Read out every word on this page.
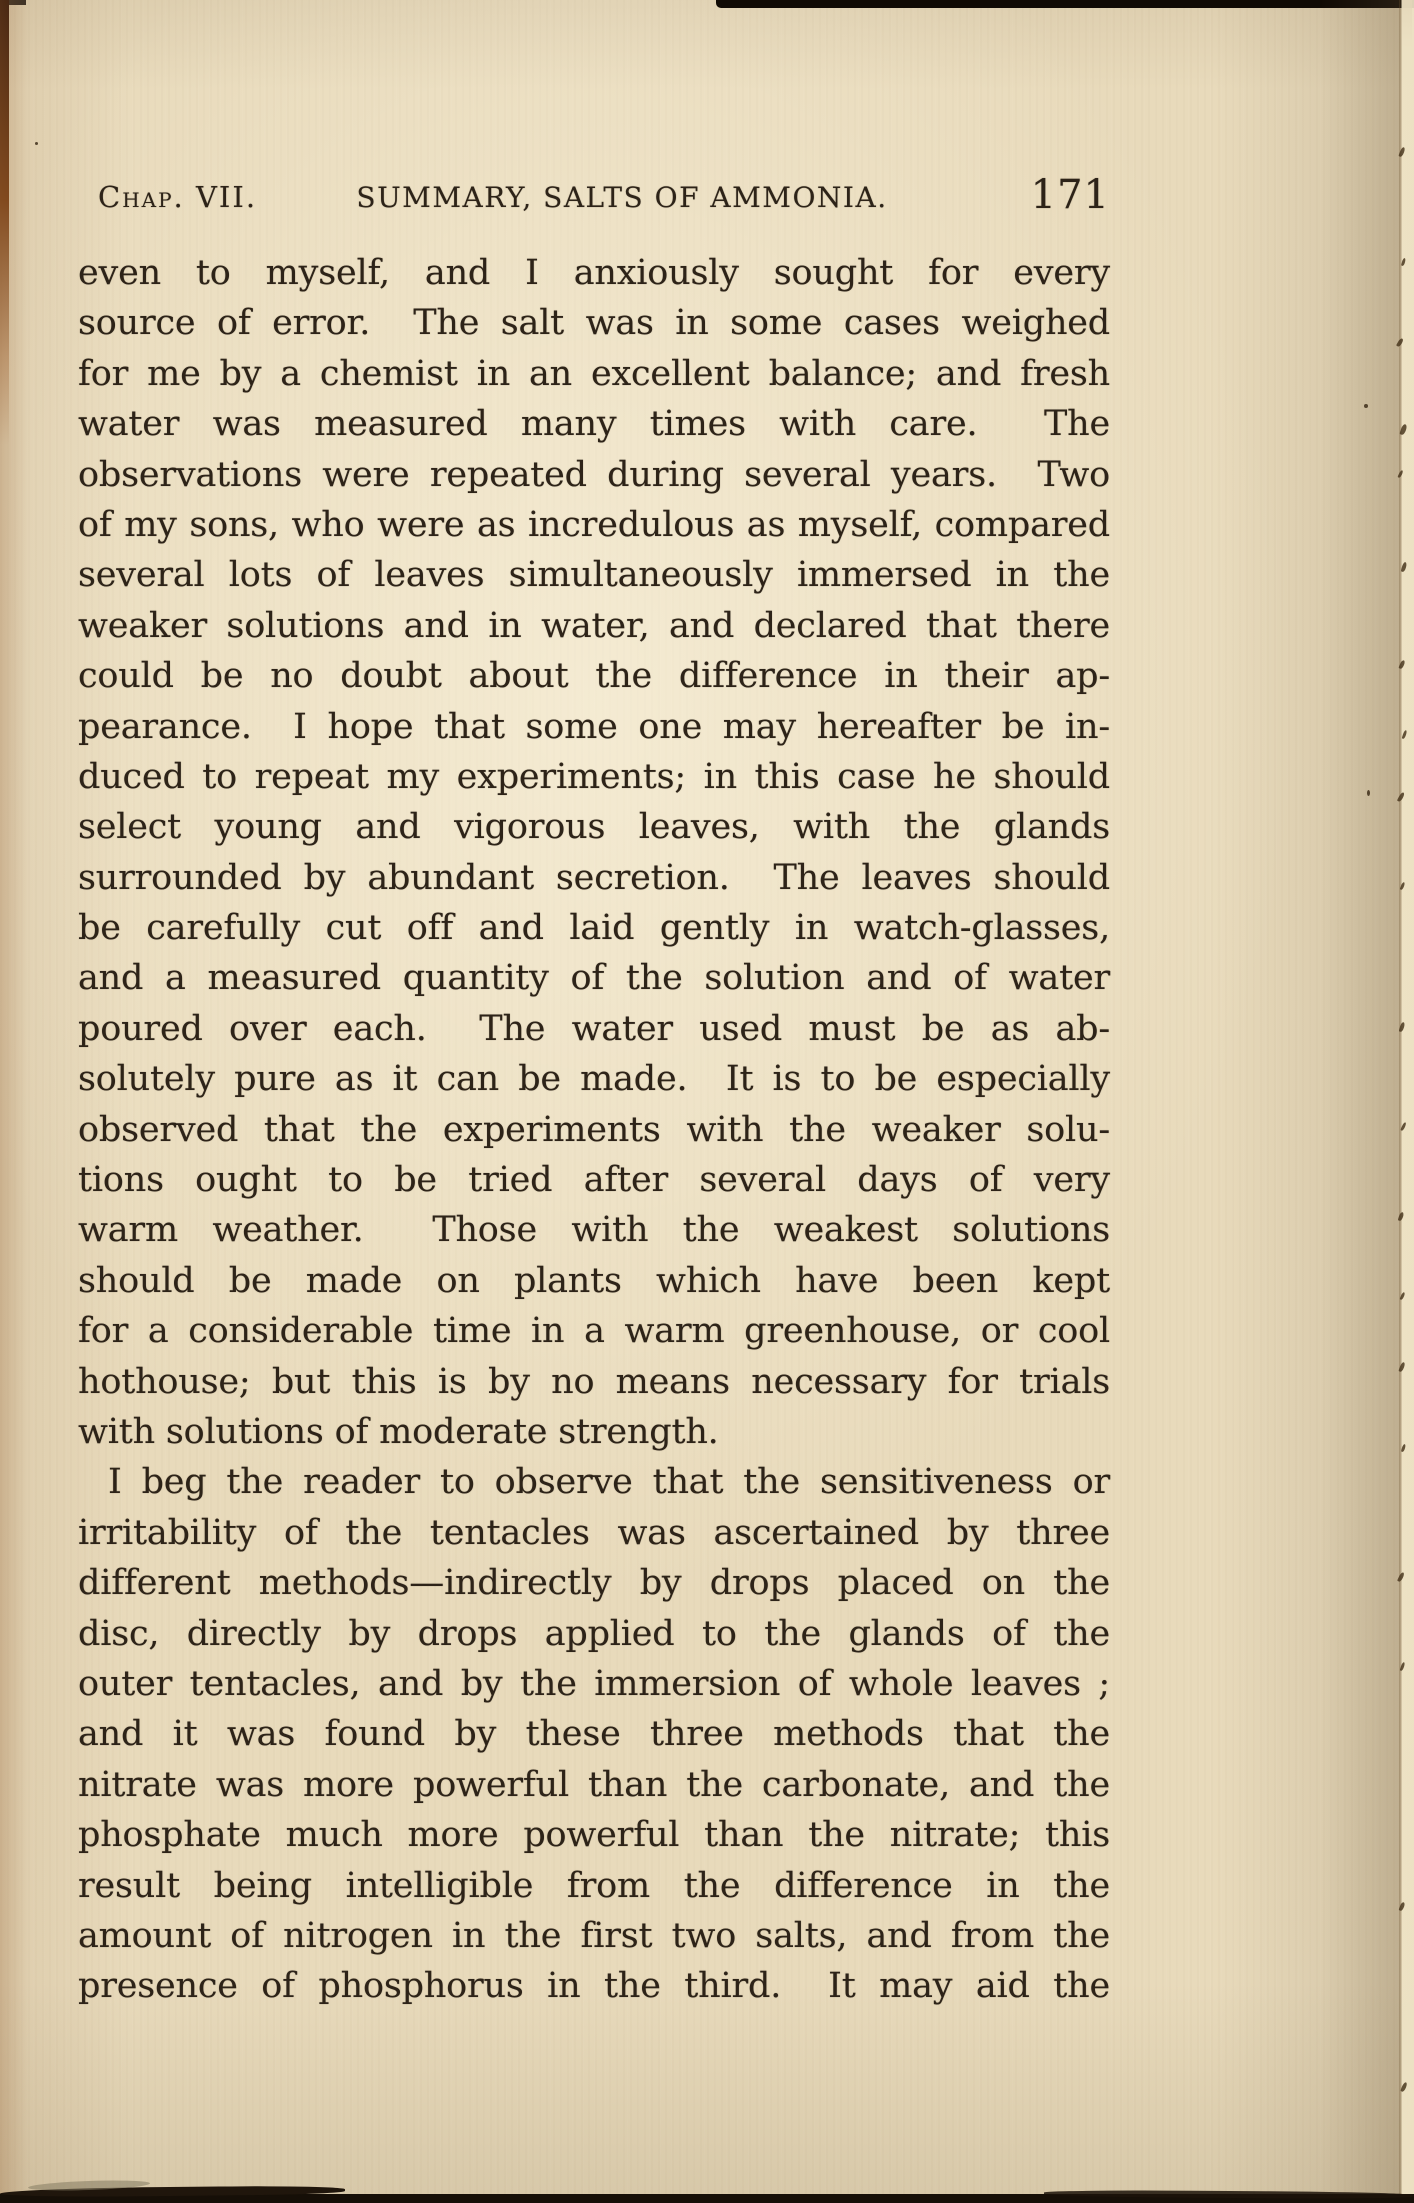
Chap. VII.	SUMMARY, SALTS OF AMMONIA.	171
even to myself, and I anxiously sought for every
source of error.  The salt was in some cases weighed
for me by a chemist in an excellent balance; and fresh
water was measured many times with care.  The
observations were repeated during several years.  Two
of my sons, who were as incredulous as myself, compared
several lots of leaves simultaneously immersed in the
weaker solutions and in water, and declared that there
could be no doubt about the difference in their ap-
pearance.  I hope that some one may hereafter be in-
duced to repeat my experiments; in this case he should
select young and vigorous leaves, with the glands
surrounded by abundant secretion.  The leaves should
be carefully cut off and laid gently in watch-glasses,
and a measured quantity of the solution and of water
poured over each.  The water used must be as ab-
solutely pure as it can be made.  It is to be especially
observed that the experiments with the weaker solu-
tions ought to be tried after several days of very
warm weather.  Those with the weakest solutions
should be made on plants which have been kept
for a considerable time in a warm greenhouse, or cool
hothouse; but this is by no means necessary for trials
with solutions of moderate strength.
I beg the reader to observe that the sensitiveness or
irritability of the tentacles was ascertained by three
different methods—indirectly by drops placed on the
disc, directly by drops applied to the glands of the
outer tentacles, and by the immersion of whole leaves ;
and it was found by these three methods that the
nitrate was more powerful than the carbonate, and the
phosphate much more powerful than the nitrate; this
result being intelligible from the difference in the
amount of nitrogen in the first two salts, and from the
presence of phosphorus in the third.  It may aid the
